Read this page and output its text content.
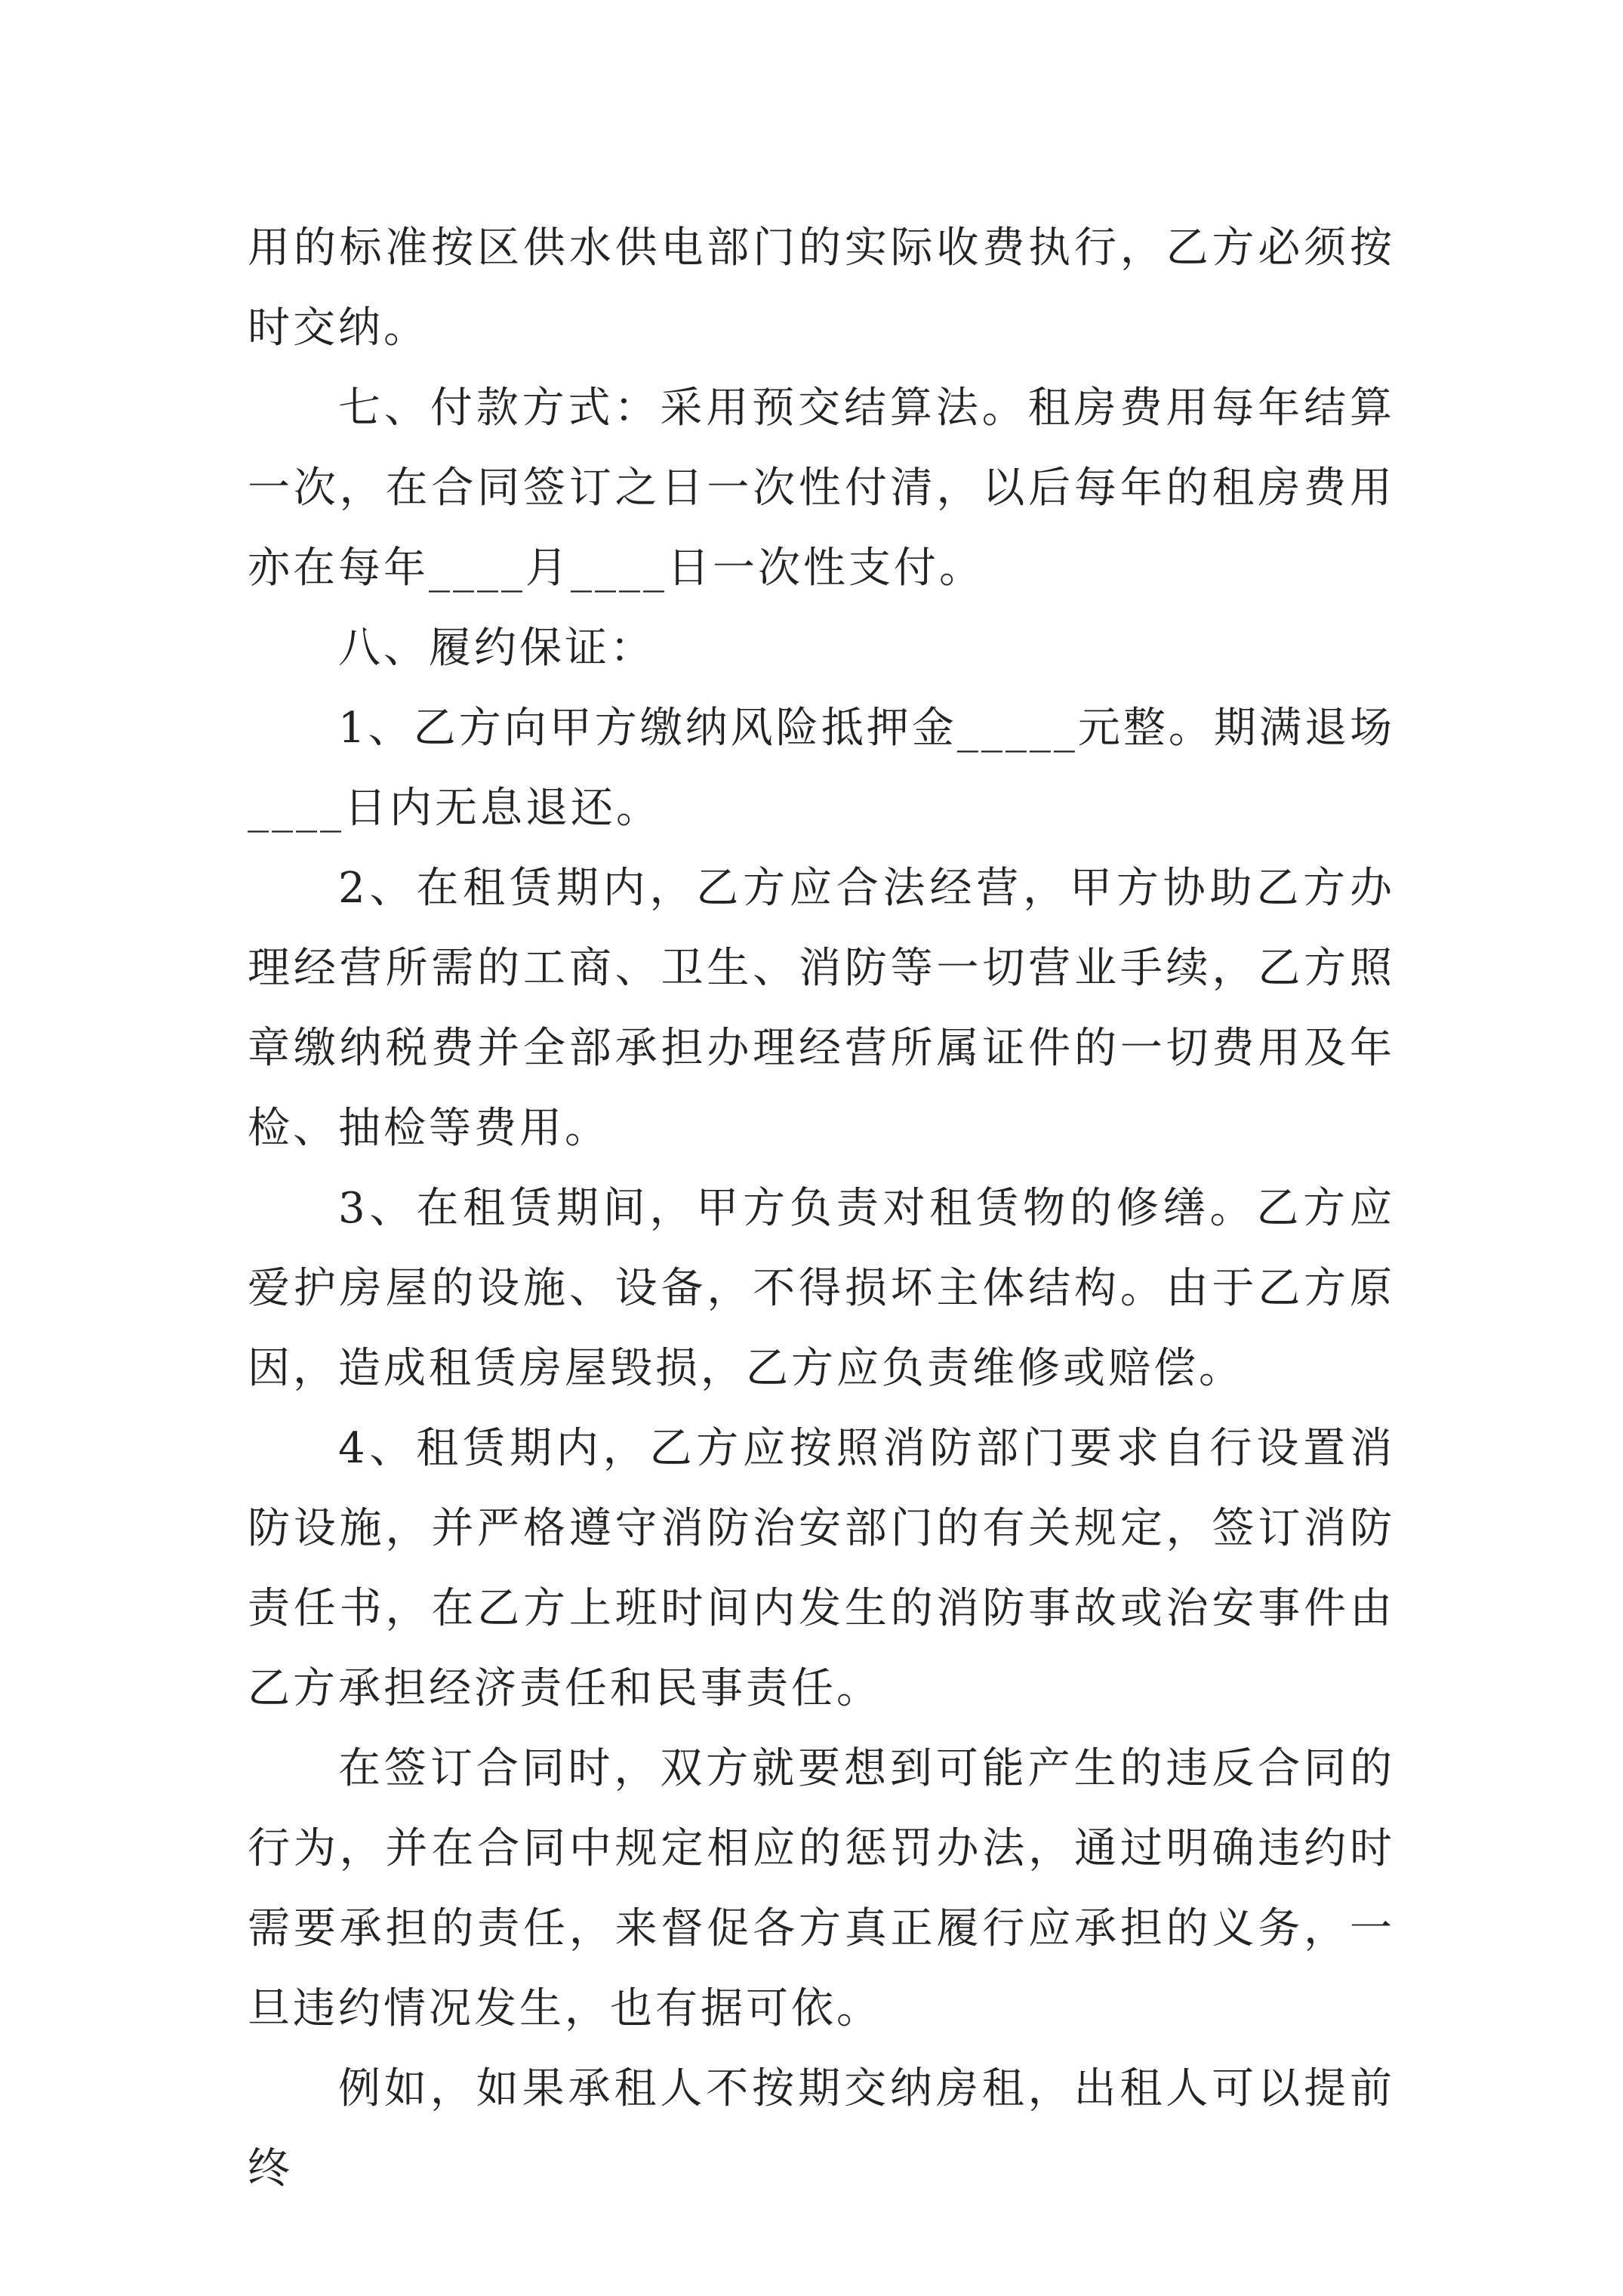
用的标准按区供水供电部门的实际收费执行，乙方必须按时交纳。

七、付款方式：采用预交结算法。租房费用每年结算一次，在合同签订之日一次性付清，以后每年的租房费用亦在每年____月____日一次性支付。

八、履约保证：

1、乙方向甲方缴纳风险抵押金_____元整。期满退场____日内无息退还。

2、在租赁期内，乙方应合法经营，甲方协助乙方办理经营所需的工商、卫生、消防等一切营业手续，乙方照章缴纳税费并全部承担办理经营所属证件的一切费用及年检、抽检等费用。

3、在租赁期间，甲方负责对租赁物的修缮。乙方应爱护房屋的设施、设备，不得损坏主体结构。由于乙方原因，造成租赁房屋毁损，乙方应负责维修或赔偿。

4、租赁期内，乙方应按照消防部门要求自行设置消防设施，并严格遵守消防治安部门的有关规定，签订消防责任书，在乙方上班时间内发生的消防事故或治安事件由乙方承担经济责任和民事责任。

在签订合同时，双方就要想到可能产生的违反合同的行为，并在合同中规定相应的惩罚办法，通过明确违约时需要承担的责任，来督促各方真正履行应承担的义务，一旦违约情况发生，也有据可依。

例如，如果承租人不按期交纳房租，出租人可以提前终
